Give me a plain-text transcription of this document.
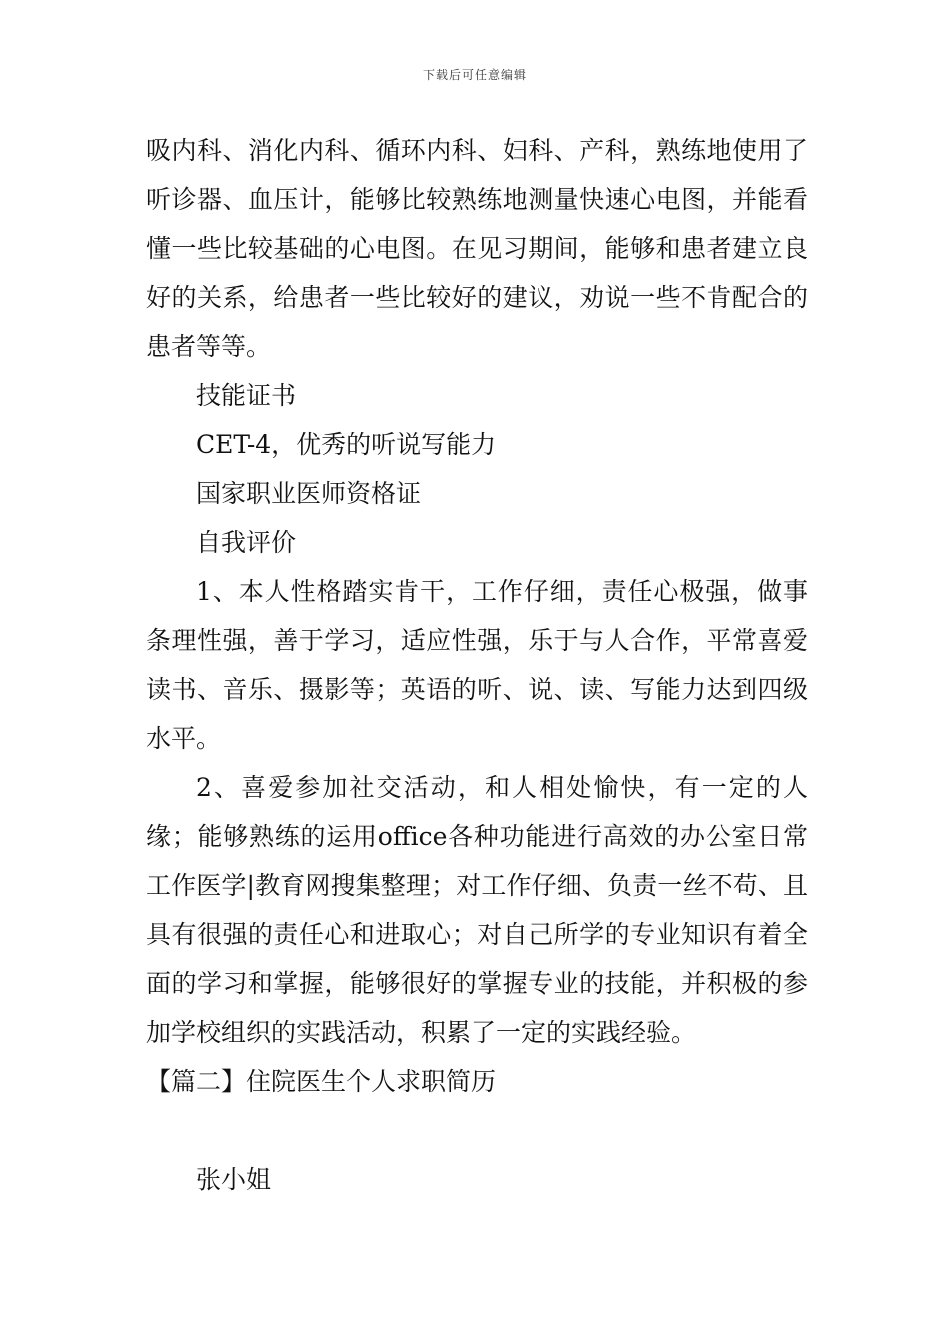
下载后可任意编辑

吸内科、消化内科、循环内科、妇科、产科，熟练地使用了听诊器、血压计，能够比较熟练地测量快速心电图，并能看懂一些比较基础的心电图。在见习期间，能够和患者建立良好的关系，给患者一些比较好的建议，劝说一些不肯配合的患者等等。

技能证书

CET-4，优秀的听说写能力

国家职业医师资格证

自我评价

1、本人性格踏实肯干，工作仔细，责任心极强，做事条理性强，善于学习，适应性强，乐于与人合作，平常喜爱读书、音乐、摄影等；英语的听、说、读、写能力达到四级水平。

2、喜爱参加社交活动，和人相处愉快，有一定的人缘；能够熟练的运用office各种功能进行高效的办公室日常工作医学|教育网搜集整理；对工作仔细、负责一丝不苟、且具有很强的责任心和进取心；对自己所学的专业知识有着全面的学习和掌握，能够很好的掌握专业的技能，并积极的参加学校组织的实践活动，积累了一定的实践经验。

【篇二】住院医生个人求职简历

张小姐
